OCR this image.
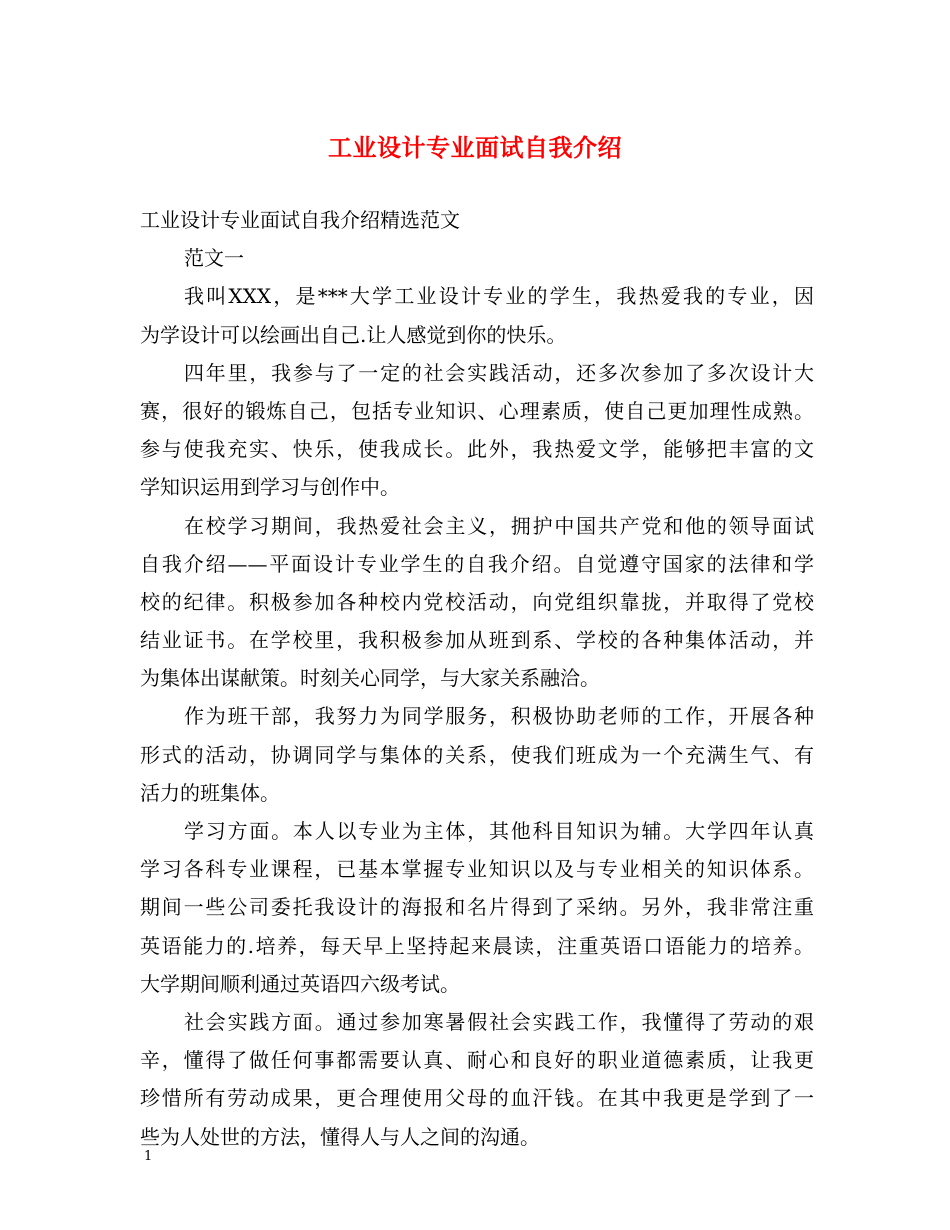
工业设计专业面试自我介绍
工业设计专业面试自我介绍精选范文
范文一
我叫XXX，是***大学工业设计专业的学生，我热爱我的专业，因
为学设计可以绘画出自己.让人感觉到你的快乐。
四年里，我参与了一定的社会实践活动，还多次参加了多次设计大
赛，很好的锻炼自己，包括专业知识、心理素质，使自己更加理性成熟。
参与使我充实、快乐，使我成长。此外，我热爱文学，能够把丰富的文
学知识运用到学习与创作中。
在校学习期间，我热爱社会主义，拥护中国共产党和他的领导面试
自我介绍——平面设计专业学生的自我介绍。自觉遵守国家的法律和学
校的纪律。积极参加各种校内党校活动，向党组织靠拢，并取得了党校
结业证书。在学校里，我积极参加从班到系、学校的各种集体活动，并
为集体出谋献策。时刻关心同学，与大家关系融洽。
作为班干部，我努力为同学服务，积极协助老师的工作，开展各种
形式的活动，协调同学与集体的关系，使我们班成为一个充满生气、有
活力的班集体。
学习方面。本人以专业为主体，其他科目知识为辅。大学四年认真
学习各科专业课程，已基本掌握专业知识以及与专业相关的知识体系。
期间一些公司委托我设计的海报和名片得到了采纳。另外，我非常注重
英语能力的.培养，每天早上坚持起来晨读，注重英语口语能力的培养。
大学期间顺利通过英语四六级考试。
社会实践方面。通过参加寒暑假社会实践工作，我懂得了劳动的艰
辛，懂得了做任何事都需要认真、耐心和良好的职业道德素质，让我更
珍惜所有劳动成果，更合理使用父母的血汗钱。在其中我更是学到了一
些为人处世的方法，懂得人与人之间的沟通。
1
